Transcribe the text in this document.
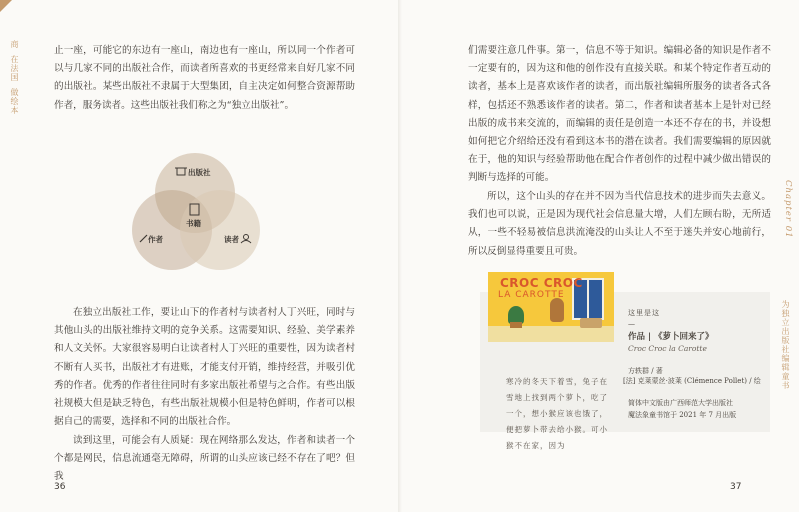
商在法国做绘本

止一座，可能它的东边有一座山，南边也有一座山，所以同一个作者可以与几家不同的出版社合作，而读者所喜欢的书更经常来自好几家不同的出版社。某些出版社不隶属于大型集团，自主决定如何整合资源帮助作者，服务读者。这些出版社我们称之为“独立出版社”。

出版社
书籍
作者	读者

在独立出版社工作，要让山下的作者村与读者村人丁兴旺，同时与其他山头的出版社维持文明的竞争关系。这需要知识、经验、美学素养和人文关怀。大家很容易明白让读者村人丁兴旺的重要性，因为读者村不断有人买书，出版社才有进账，才能支付开销，维持经营，并吸引优秀的作者。优秀的作者往往同时有多家出版社希望与之合作。有些出版社规模大但是缺乏特色，有些出版社规模小但是特色鲜明，作者可以根据自己的需要，选择和不同的出版社合作。

读到这里，可能会有人质疑：现在网络那么发达，作者和读者一个个都是网民，信息流通毫无障碍，所谓的山头应该已经不存在了吧？但我

36

们需要注意几件事。第一，信息不等于知识。编辑必备的知识是作者不一定要有的，因为这和他的创作没有直接关联。和某个特定作者互动的读者，基本上是喜欢该作者的读者，而出版社编辑所服务的读者各式各样，包括还不熟悉该作者的读者。第二，作者和读者基本上是针对已经出版的成书来交流的，而编辑的责任是创造一本还不存在的书，并设想如何把它介绍给还没有看到这本书的潜在读者。我们需要编辑的原因就在于，他的知识与经验帮助他在配合作者创作的过程中减少做出错误的判断与选择的可能。

所以，这个山头的存在并不因为当代信息技术的进步而失去意义。我们也可以说，正是因为现代社会信息量大增，人们左顾右盼，无所适从，一些不轻易被信息洪流淹没的山头让人不至于迷失并安心地前行，所以反倒显得重要且可贵。

Chapter 01
为独立出版社编辑童书
37
CROC CROC
LA CAROTTE
这里是这
—
作品 | 《萝卜回来了》
Croc Croc la Carotte
方轶群 / 著
[法] 克莱蒙丝·波莱 (Clémence Pollet) / 绘
简体中文版由广西师范大学出版社
魔法象童书馆于 2021 年 7 月出版

寒冷的冬天下着雪，兔子在雪地上找到两个萝卜，吃了一个，想小猴应该也饿了，便把萝卜带去给小猴。可小猴不在家，因为
